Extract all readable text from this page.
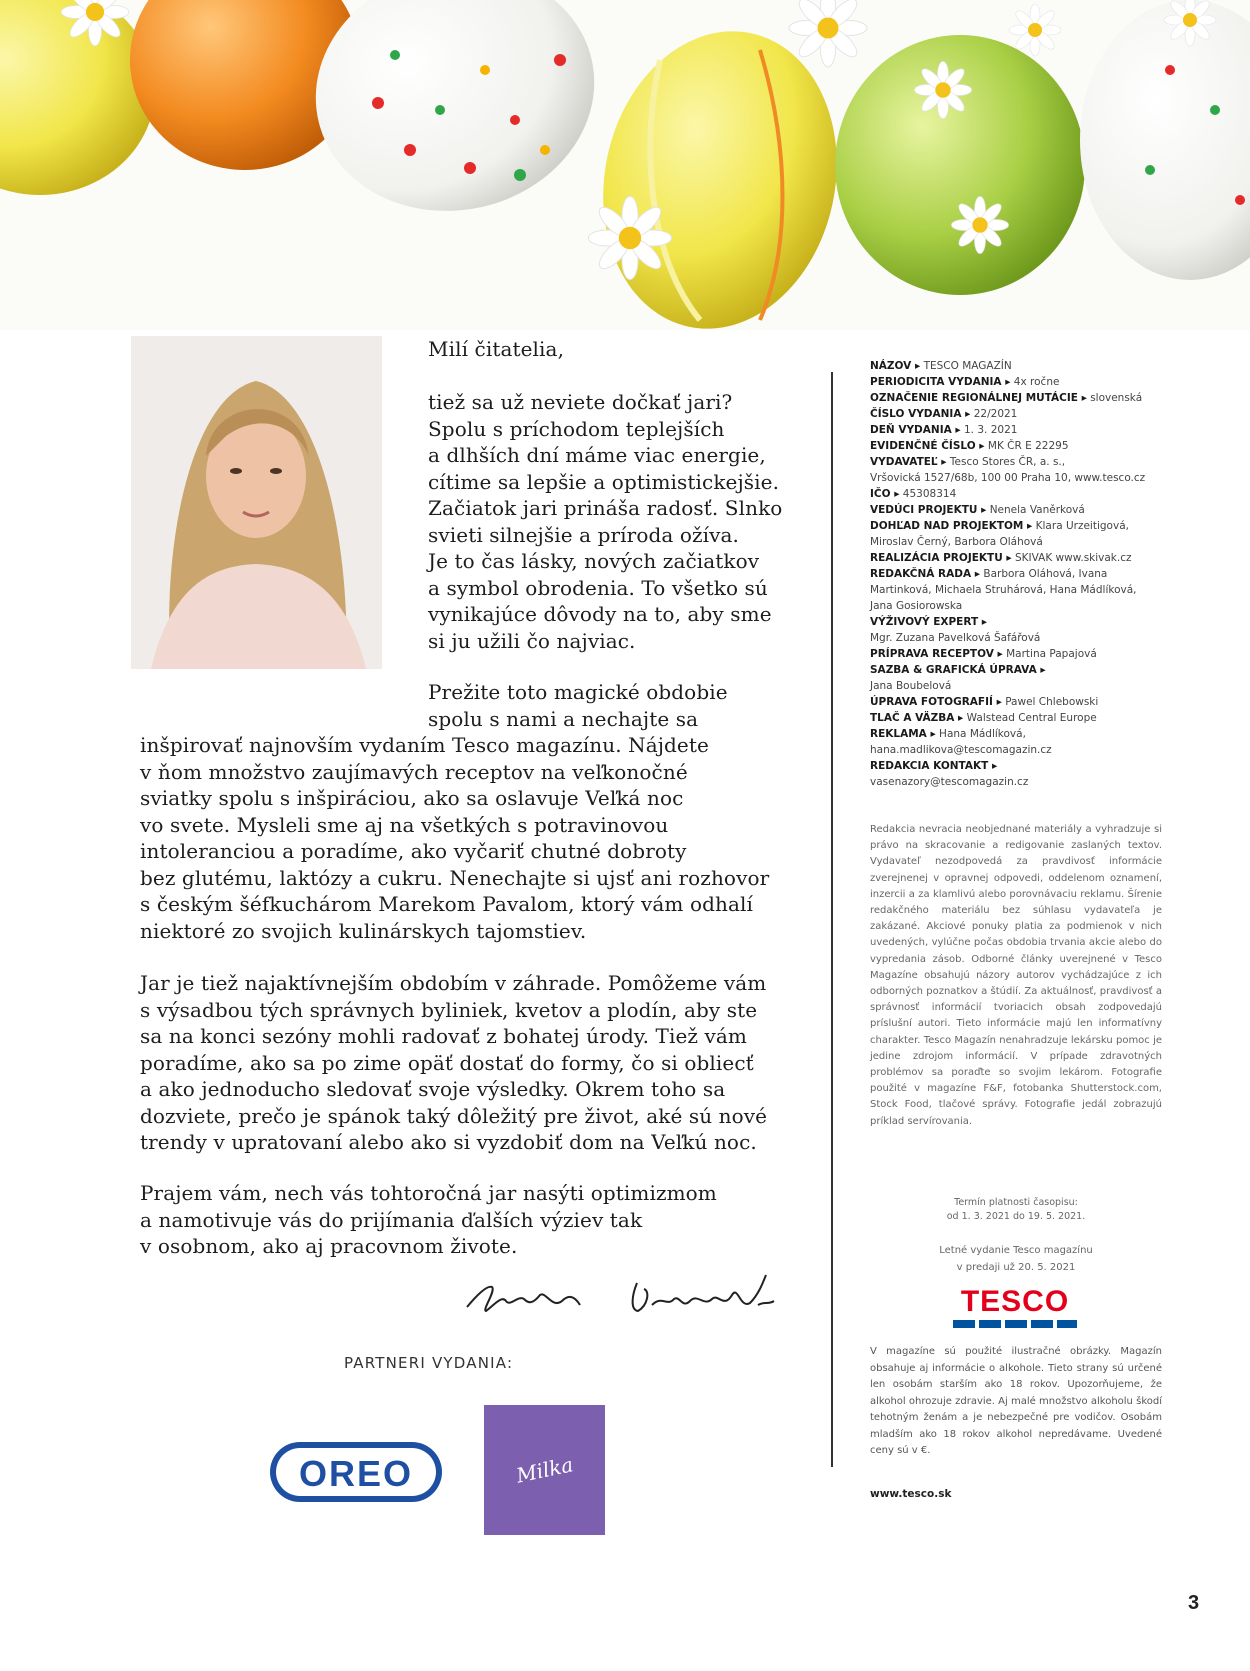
Milí čitatelia,

tiež sa už neviete dočkať jari?
Spolu s príchodom teplejších
a dlhších dní máme viac energie,
cítime sa lepšie a optimistickejšie.
Začiatok jari prináša radosť. Slnko
svieti silnejšie a príroda ožíva.
Je to čas lásky, nových začiatkov
a symbol obrodenia. To všetko sú
vynikajúce dôvody na to, aby sme
si ju užili čo najviac.

Prežite toto magické obdobie
spolu s nami a nechajte sa

inšpirovať najnovším vydaním Tesco magazínu. Nájdete
v ňom množstvo zaujímavých receptov na veľkonočné
sviatky spolu s inšpiráciou, ako sa oslavuje Veľká noc
vo svete. Mysleli sme aj na všetkých s potravinovou
intoleranciou a poradíme, ako vyčariť chutné dobroty
bez glutému, laktózy a cukru. Nenechajte si ujsť ani rozhovor
s českým šéfkuchárom Marekom Pavalom, ktorý vám odhalí
niektoré zo svojich kulinárskych tajomstiev.

Jar je tiež najaktívnejším obdobím v záhrade. Pomôžeme vám
s výsadbou tých správnych byliniek, kvetov a plodín, aby ste
sa na konci sezóny mohli radovať z bohatej úrody. Tiež vám
poradíme, ako sa po zime opäť dostať do formy, čo si obliecť
a ako jednoducho sledovať svoje výsledky. Okrem toho sa
dozviete, prečo je spánok taký dôležitý pre život, aké sú nové
trendy v upratovaní alebo ako si vyzdobiť dom na Veľkú noc.

Prajem vám, nech vás tohtoročná jar nasýti optimizmom
a namotivuje vás do prijímania ďalších výziev tak
v osobnom, ako aj pracovnom živote.

PARTNERI VYDANIA:
OREO	Milka
NÁZOV ▸ TESCO MAGAZÍN
PERIODICITA VYDANIA ▸ 4x ročne
OZNAČENIE REGIONÁLNEJ MUTÁCIE ▸ slovenská
ČÍSLO VYDANIA ▸ 22/2021
DEŇ VYDANIA ▸ 1. 3. 2021
EVIDENČNÉ ČÍSLO ▸ MK ČR E 22295
VYDAVATEĽ ▸ Tesco Stores ČR, a. s.,
Vršovická 1527/68b, 100 00 Praha 10, www.tesco.cz
IČO ▸ 45308314
VEDÚCI PROJEKTU ▸ Nenela Vaněrková
DOHĽAD NAD PROJEKTOM ▸ Klara Urzeitigová,
Miroslav Černý, Barbora Oláhová
REALIZÁCIA PROJEKTU ▸ SKIVAK www.skivak.cz
REDAKČNÁ RADA ▸ Barbora Oláhová, Ivana
Martinková, Michaela Struhárová, Hana Mádlíková,
Jana Gosiorowska
VÝŽIVOVÝ EXPERT ▸
Mgr. Zuzana Pavelková Šafářová
PRÍPRAVA RECEPTOV ▸ Martina Papajová
SAZBA & GRAFICKÁ ÚPRAVA ▸
Jana Boubelová
ÚPRAVA FOTOGRAFIÍ ▸ Pawel Chlebowski
TLAČ A VÄZBA ▸ Walstead Central Europe
REKLAMA ▸ Hana Mádlíková,
hana.madlikova@tescomagazin.cz
REDAKCIA KONTAKT ▸
vasenazory@tescomagazin.cz
Redakcia nevracia neobjednané materiály a vyhradzuje si právo na skracovanie a redigovanie zaslaných textov. Vydavateľ nezodpovedá za pravdivosť informácie zverejnenej v opravnej odpovedi, oddelenom oznamení, inzercii a za klamlivú alebo porovnávaciu reklamu. Šírenie redakčného materiálu bez súhlasu vydavateľa je zakázané. Akciové ponuky platia za podmienok v nich uvedených, vylúčne počas obdobia trvania akcie alebo do vypredania zásob. Odborné články uverejnené v Tesco Magazíne obsahujú názory autorov vychádzajúce z ich odborných poznatkov a štúdií. Za aktuálnosť, pravdivosť a správnosť informácií tvoriacich obsah zodpovedajú príslušní autori. Tieto informácie majú len informatívny charakter. Tesco Magazín nenahradzuje lekársku pomoc je jedine zdrojom informácií. V prípade zdravotných problémov sa poraďte so svojim lekárom. Fotografie použité v magazíne F&F, fotobanka Shutterstock.com, Stock Food, tlačové správy. Fotografie jedál zobrazujú príklad servírovania.
Termín platnosti časopisu:
od 1. 3. 2021 do 19. 5. 2021.
Letné vydanie Tesco magazínu
v predaji už 20. 5. 2021
TESCO
V magazíne sú použité ilustračné obrázky. Magazín obsahuje aj informácie o alkohole. Tieto strany sú určené len osobám starším ako 18 rokov. Upozorňujeme, že alkohol ohrozuje zdravie. Aj malé množstvo alkoholu škodí tehotným ženám a je nebezpečné pre vodičov. Osobám mladším ako 18 rokov alkohol nepredávame. Uvedené ceny sú v €.
www.tesco.sk
3
